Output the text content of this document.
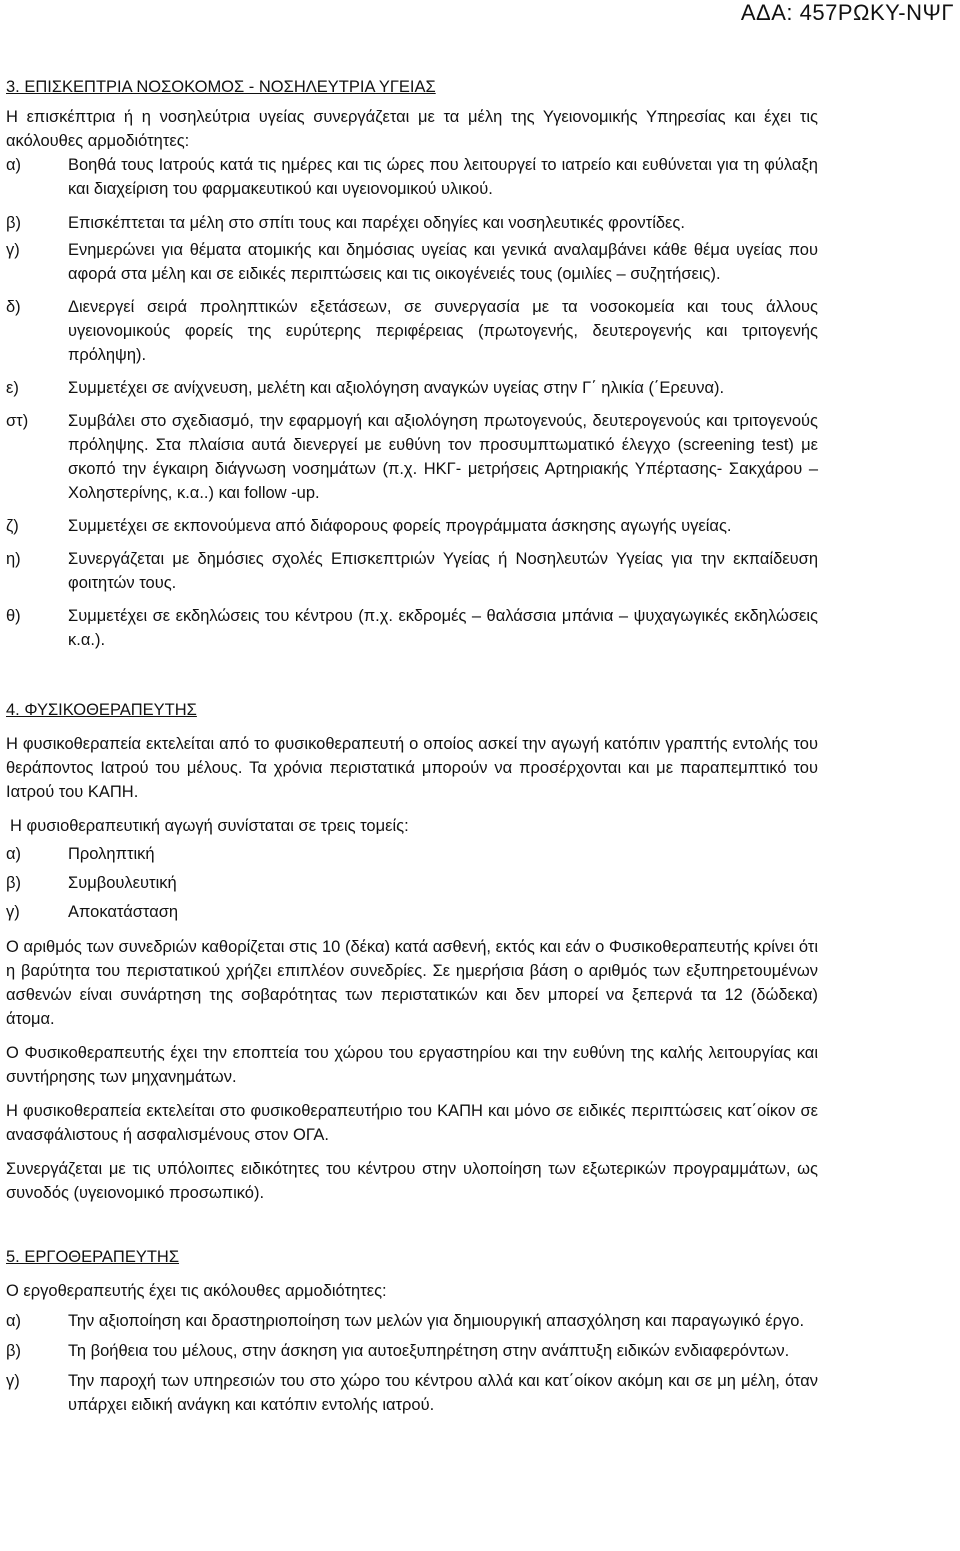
ΑΔΑ: 457ΡΩΚΥ-ΝΨΓ

3. ΕΠΙΣΚΕΠΤΡΙΑ ΝΟΣΟΚΟΜΟΣ - ΝΟΣΗΛΕΥΤΡΙΑ ΥΓΕΙΑΣ

Η επισκέπτρια ή η νοσηλεύτρια υγείας συνεργάζεται με τα μέλη της Υγειονομικής Υπηρεσίας και έχει τις ακόλουθες αρμοδιότητες:

α)	Βοηθά τους Ιατρούς κατά τις ημέρες και τις ώρες που λειτουργεί το ιατρείο και ευθύνεται για τη φύλαξη και διαχείριση του φαρμακευτικού και υγειονομικού υλικού.
β)	Επισκέπτεται τα μέλη στο σπίτι τους και παρέχει οδηγίες και νοσηλευτικές φροντίδες.
γ)	Ενημερώνει για θέματα ατομικής και δημόσιας υγείας και γενικά αναλαμβάνει κάθε θέμα υγείας που αφορά στα μέλη και σε ειδικές περιπτώσεις και τις οικογένειές τους (ομιλίες – συζητήσεις).
δ)	Διενεργεί σειρά προληπτικών εξετάσεων, σε συνεργασία με τα νοσοκομεία και τους άλλους υγειονομικούς φορείς της ευρύτερης περιφέρειας (πρωτογενής, δευτερογενής και τριτογενής πρόληψη).
ε)	Συμμετέχει σε ανίχνευση, μελέτη και αξιολόγηση αναγκών υγείας στην Γ΄ ηλικία (΄Ερευνα).
στ)	Συμβάλει στο σχεδιασμό, την εφαρμογή και αξιολόγηση πρωτογενούς, δευτερογενούς και τριτογενούς πρόληψης. Στα πλαίσια αυτά διενεργεί με ευθύνη τον προσυμπτωματικό έλεγχο (screening test) με σκοπό την έγκαιρη διάγνωση νοσημάτων (π.χ. ΗΚΓ- μετρήσεις Αρτηριακής Υπέρτασης- Σακχάρου – Χοληστερίνης, κ.α..) και follow -up.
ζ)	Συμμετέχει σε εκπονούμενα από διάφορους φορείς προγράμματα άσκησης αγωγής υγείας.
η)	Συνεργάζεται με δημόσιες σχολές Επισκεπτριών Υγείας ή Νοσηλευτών Υγείας για την εκπαίδευση φοιτητών τους.
θ)	Συμμετέχει σε εκδηλώσεις του κέντρου (π.χ. εκδρομές – θαλάσσια μπάνια – ψυχαγωγικές εκδηλώσεις κ.α.).

4. ΦΥΣΙΚΟΘΕΡΑΠΕΥΤΗΣ

Η φυσικοθεραπεία εκτελείται από το φυσικοθεραπευτή ο οποίος ασκεί την αγωγή κατόπιν γραπτής εντολής του θεράποντος Ιατρού του μέλους. Τα χρόνια περιστατικά μπορούν να προσέρχονται και με παραπεμπτικό του Ιατρού του ΚΑΠΗ.

Η φυσιοθεραπευτική αγωγή συνίσταται σε τρεις τομείς:

α)	Προληπτική
β)	Συμβουλευτική
γ)	Αποκατάσταση

Ο αριθμός των συνεδριών καθορίζεται στις 10 (δέκα) κατά ασθενή, εκτός και εάν ο Φυσικοθεραπευτής κρίνει ότι η βαρύτητα του περιστατικού χρήζει επιπλέον συνεδρίες. Σε ημερήσια βάση ο αριθμός των εξυπηρετουμένων ασθενών είναι συνάρτηση της σοβαρότητας των περιστατικών και δεν μπορεί να ξεπερνά τα 12 (δώδεκα) άτομα.

Ο Φυσικοθεραπευτής έχει την εποπτεία του χώρου του εργαστηρίου και την ευθύνη της καλής λειτουργίας και συντήρησης των μηχανημάτων.

Η φυσικοθεραπεία εκτελείται στο φυσικοθεραπευτήριο του ΚΑΠΗ και μόνο σε ειδικές περιπτώσεις κατ΄οίκον σε ανασφάλιστους ή ασφαλισμένους στον ΟΓΑ.

Συνεργάζεται με τις υπόλοιπες ειδικότητες του κέντρου στην υλοποίηση των εξωτερικών προγραμμάτων, ως συνοδός (υγειονομικό προσωπικό).

5. ΕΡΓΟΘΕΡΑΠΕΥΤΗΣ

Ο εργοθεραπευτής έχει τις ακόλουθες αρμοδιότητες:

α)	Την αξιοποίηση και δραστηριοποίηση των μελών για δημιουργική απασχόληση και παραγωγικό έργο.
β)	Τη βοήθεια του μέλους, στην άσκηση για αυτοεξυπηρέτηση στην ανάπτυξη ειδικών ενδιαφερόντων.
γ)	Την παροχή των υπηρεσιών του στο χώρο του κέντρου αλλά και κατ΄οίκον ακόμη και σε μη μέλη, όταν υπάρχει ειδική ανάγκη και κατόπιν εντολής ιατρού.
